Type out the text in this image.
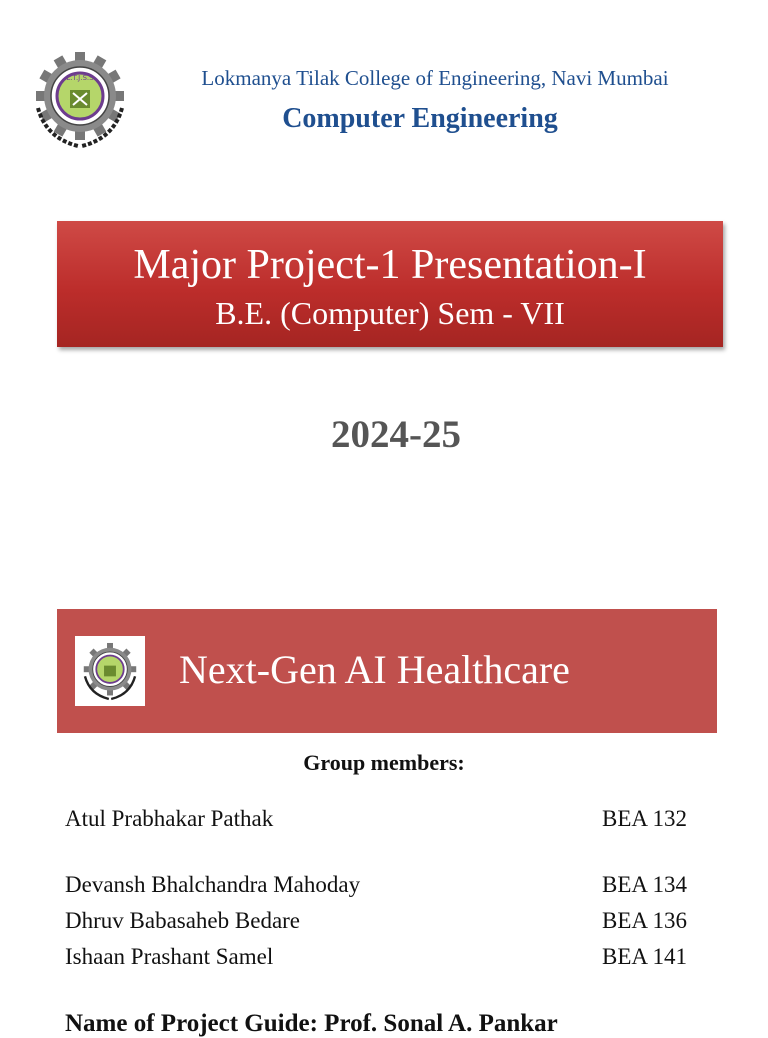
L.T.J.S.S	Lokmanya Tilak College of Engineering, Navi Mumbai
Computer Engineering
Major Project-1 Presentation-I
B.E. (Computer) Sem - VII
2024-25
Next-Gen AI Healthcare
Group members:
Atul Prabhakar Pathak	BEA 132
Devansh Bhalchandra Mahoday	BEA 134
Dhruv Babasaheb Bedare	BEA 136
Ishaan Prashant Samel	BEA 141
Name of Project Guide: Prof. Sonal A. Pankar
